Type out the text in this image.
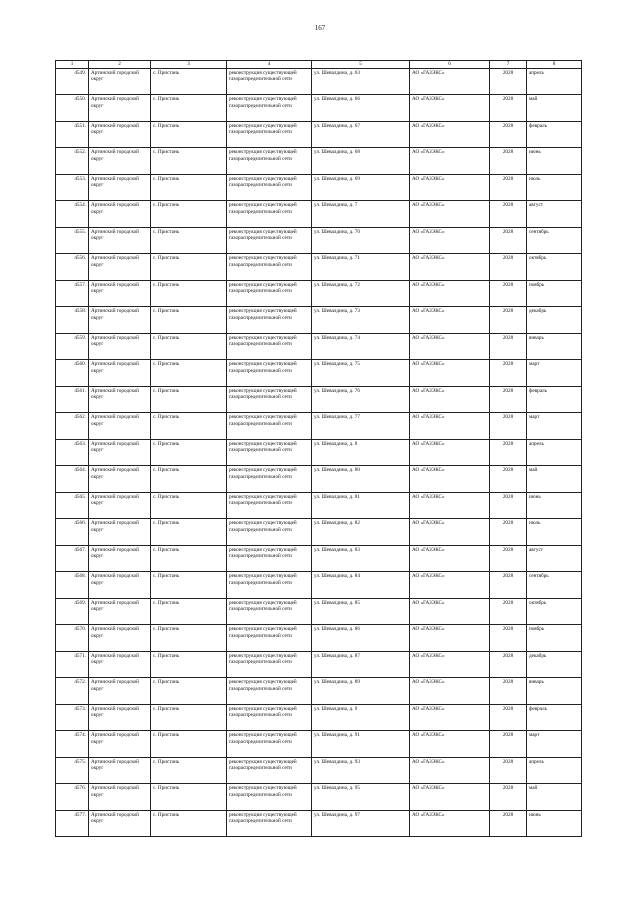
167
1	2	3	4	5	6	7	8
4549.	Артинский городской округ	с. Пристань	реконструкция существующей газораспределительной сети	ул. Шевалдина, д. 63	АО «ГАЗЭКС»	2028	апрель
4550.	Артинский городской округ	с. Пристань	реконструкция существующей газораспределительной сети	ул. Шевалдина, д. 66	АО «ГАЗЭКС»	2028	май
4551.	Артинский городской округ	с. Пристань	реконструкция существующей газораспределительной сети	ул. Шевалдина, д. 67	АО «ГАЗЭКС»	2028	февраль
4552.	Артинский городской округ	с. Пристань	реконструкция существующей газораспределительной сети	ул. Шевалдина, д. 68	АО «ГАЗЭКС»	2028	июнь
4553.	Артинский городской округ	с. Пристань	реконструкция существующей газораспределительной сети	ул. Шевалдина, д. 69	АО «ГАЗЭКС»	2028	июль
4554.	Артинский городской округ	с. Пристань	реконструкция существующей газораспределительной сети	ул. Шевалдина, д. 7	АО «ГАЗЭКС»	2028	август
4555.	Артинский городской округ	с. Пристань	реконструкция существующей газораспределительной сети	ул. Шевалдина, д. 70	АО «ГАЗЭКС»	2028	сентябрь
4556.	Артинский городской округ	с. Пристань	реконструкция существующей газораспределительной сети	ул. Шевалдина, д. 71	АО «ГАЗЭКС»	2028	октябрь
4557.	Артинский городской округ	с. Пристань	реконструкция существующей газораспределительной сети	ул. Шевалдина, д. 72	АО «ГАЗЭКС»	2028	ноябрь
4558.	Артинский городской округ	с. Пристань	реконструкция существующей газораспределительной сети	ул. Шевалдина, д. 73	АО «ГАЗЭКС»	2028	декабрь
4559.	Артинский городской округ	с. Пристань	реконструкция существующей газораспределительной сети	ул. Шевалдина, д. 74	АО «ГАЗЭКС»	2028	январь
4560.	Артинский городской округ	с. Пристань	реконструкция существующей газораспределительной сети	ул. Шевалдина, д. 75	АО «ГАЗЭКС»	2028	март
4561.	Артинский городской округ	с. Пристань	реконструкция существующей газораспределительной сети	ул. Шевалдина, д. 76	АО «ГАЗЭКС»	2028	февраль
4562.	Артинский городской округ	с. Пристань	реконструкция существующей газораспределительной сети	ул. Шевалдина, д. 77	АО «ГАЗЭКС»	2028	март
4563.	Артинский городской округ	с. Пристань	реконструкция существующей газораспределительной сети	ул. Шевалдина, д. 8	АО «ГАЗЭКС»	2028	апрель
4564.	Артинский городской округ	с. Пристань	реконструкция существующей газораспределительной сети	ул. Шевалдина, д. 80	АО «ГАЗЭКС»	2028	май
4565.	Артинский городской округ	с. Пристань	реконструкция существующей газораспределительной сети	ул. Шевалдина, д. 81	АО «ГАЗЭКС»	2028	июнь
4566.	Артинский городской округ	с. Пристань	реконструкция существующей газораспределительной сети	ул. Шевалдина, д. 82	АО «ГАЗЭКС»	2028	июль
4567.	Артинский городской округ	с. Пристань	реконструкция существующей газораспределительной сети	ул. Шевалдина, д. 83	АО «ГАЗЭКС»	2028	август
4568.	Артинский городской округ	с. Пристань	реконструкция существующей газораспределительной сети	ул. Шевалдина, д. 84	АО «ГАЗЭКС»	2028	сентябрь
4569.	Артинский городской округ	с. Пристань	реконструкция существующей газораспределительной сети	ул. Шевалдина, д. 85	АО «ГАЗЭКС»	2028	октябрь
4570.	Артинский городской округ	с. Пристань	реконструкция существующей газораспределительной сети	ул. Шевалдина, д. 86	АО «ГАЗЭКС»	2028	ноябрь
4571.	Артинский городской округ	с. Пристань	реконструкция существующей газораспределительной сети	ул. Шевалдина, д. 87	АО «ГАЗЭКС»	2028	декабрь
4572.	Артинский городской округ	с. Пристань	реконструкция существующей газораспределительной сети	ул. Шевалдина, д. 89	АО «ГАЗЭКС»	2028	январь
4573.	Артинский городской округ	с. Пристань	реконструкция существующей газораспределительной сети	ул. Шевалдина, д. 9	АО «ГАЗЭКС»	2028	февраль
4574.	Артинский городской округ	с. Пристань	реконструкция существующей газораспределительной сети	ул. Шевалдина, д. 91	АО «ГАЗЭКС»	2028	март
4575.	Артинский городской округ	с. Пристань	реконструкция существующей газораспределительной сети	ул. Шевалдина, д. 93	АО «ГАЗЭКС»	2028	апрель
4576.	Артинский городской округ	с. Пристань	реконструкция существующей газораспределительной сети	ул. Шевалдина, д. 95	АО «ГАЗЭКС»	2028	май
4577.	Артинский городской округ	с. Пристань	реконструкция существующей газораспределительной сети	ул. Шевалдина, д. 97	АО «ГАЗЭКС»	2028	июнь
